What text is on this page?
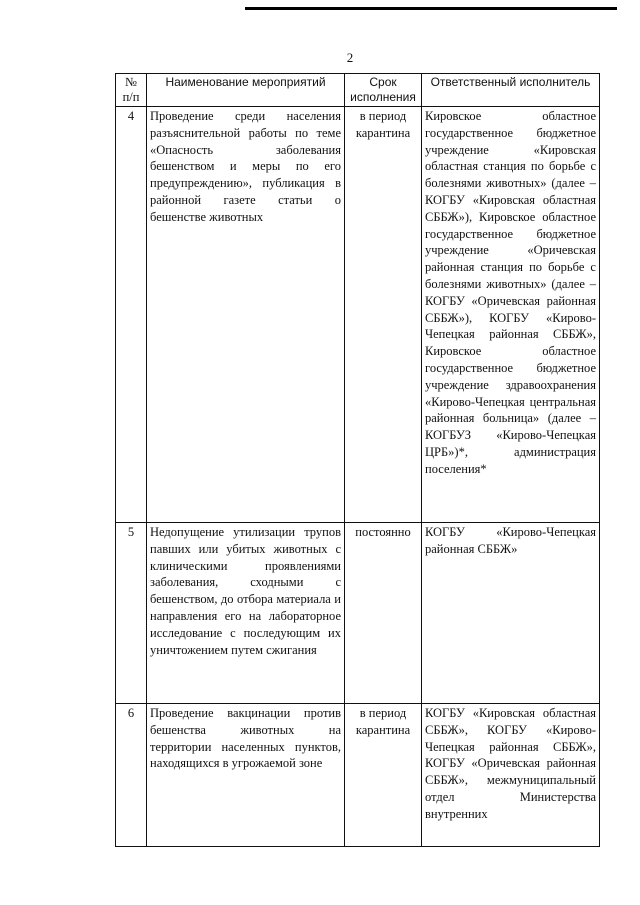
2
№ п/п	Наименование мероприятий	Срок исполнения	Ответственный исполнитель
4	Проведение среди населения разъяснительной работы по теме «Опасность заболевания бешенством и меры по его предупреждению», публикация в районной газете статьи о бешенстве животных	в период карантина	Кировское областное государственное бюджетное учреждение «Кировская областная станция по борьбе с болезнями животных» (далее – КОГБУ «Кировская областная СББЖ»), Кировское областное государственное бюджетное учреждение «Оричевская районная станция по борьбе с болезнями животных» (далее – КОГБУ «Оричевская районная СББЖ»), КОГБУ «Кирово-Чепецкая районная СББЖ», Кировское областное государственное бюджетное учреждение здравоохранения «Кирово-Чепецкая центральная районная больница» (далее – КОГБУЗ «Кирово-Чепецкая ЦРБ»)*, администрация поселения*
5	Недопущение утилизации трупов павших или убитых животных с клиническими проявлениями заболевания, сходными с бешенством, до отбора материала и направления его на лабораторное исследование с последующим их уничтожением путем сжигания	постоянно	КОГБУ «Кирово-Чепецкая районная СББЖ»
6	Проведение вакцинации против бешенства животных на территории населенных пунктов, находящихся в угрожаемой зоне	в период карантина	КОГБУ «Кировская областная СББЖ», КОГБУ «Кирово-Чепецкая районная СББЖ», КОГБУ «Оричевская районная СББЖ», межмуниципальный отдел Министерства внутренних
